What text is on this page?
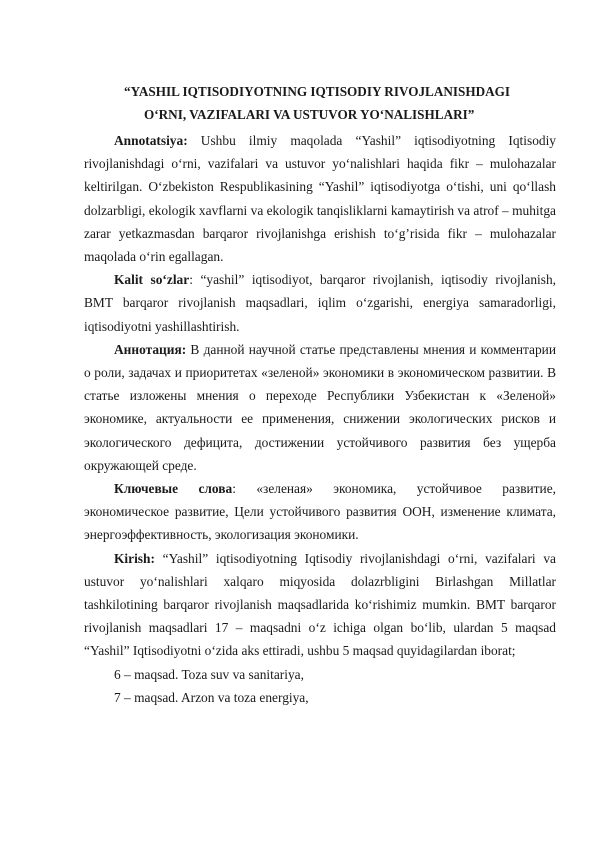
“YASHIL IQTISODIYOTNING IQTISODIY RIVOJLANISHDAGI
O‘RNI, VAZIFALARI VA USTUVOR YO‘NALISHLARI”

Annotatsiya: Ushbu ilmiy maqolada “Yashil” iqtisodiyotning Iqtisodiy rivojlanishdagi o‘rni, vazifalari va ustuvor yo‘nalishlari haqida fikr – mulohazalar keltirilgan. O‘zbekiston Respublikasining “Yashil” iqtisodiyotga o‘tishi, uni qo‘llash dolzarbligi, ekologik xavflarni va ekologik tanqisliklarni kamaytirish va atrof – muhitga zarar yetkazmasdan barqaror rivojlanishga erishish to‘g’risida fikr – mulohazalar maqolada o‘rin egallagan.

Kalit so‘zlar: “yashil” iqtisodiyot, barqaror rivojlanish, iqtisodiy rivojlanish, BMT barqaror rivojlanish maqsadlari, iqlim o‘zgarishi, energiya samaradorligi, iqtisodiyotni yashillashtirish.

Аннотация: В данной научной статье представлены мнения и комментарии о роли, задачах и приоритетах «зеленой» экономики в экономическом развитии. В статье изложены мнения о переходе Республики Узбекистан к «Зеленой» экономике, актуальности ее применения, снижении экологических рисков и экологического дефицита, достижении устойчивого развития без ущерба окружающей среде.

Ключевые слова: «зеленая» экономика, устойчивое развитие, экономическое развитие, Цели устойчивого развития ООН, изменение климата, энергоэффективность, экологизация экономики.

Kirish: “Yashil” iqtisodiyotning Iqtisodiy rivojlanishdagi o‘rni, vazifalari va ustuvor yo‘nalishlari xalqaro miqyosida dolazrbligini Birlashgan Millatlar tashkilotining barqaror rivojlanish maqsadlarida ko‘rishimiz mumkin. BMT barqaror rivojlanish maqsadlari 17 – maqsadni o‘z ichiga olgan bo‘lib, ulardan 5 maqsad “Yashil” Iqtisodiyotni o‘zida aks ettiradi, ushbu 5 maqsad quyidagilardan iborat;

6 – maqsad. Toza suv va sanitariya,

7 – maqsad. Arzon va toza energiya,
